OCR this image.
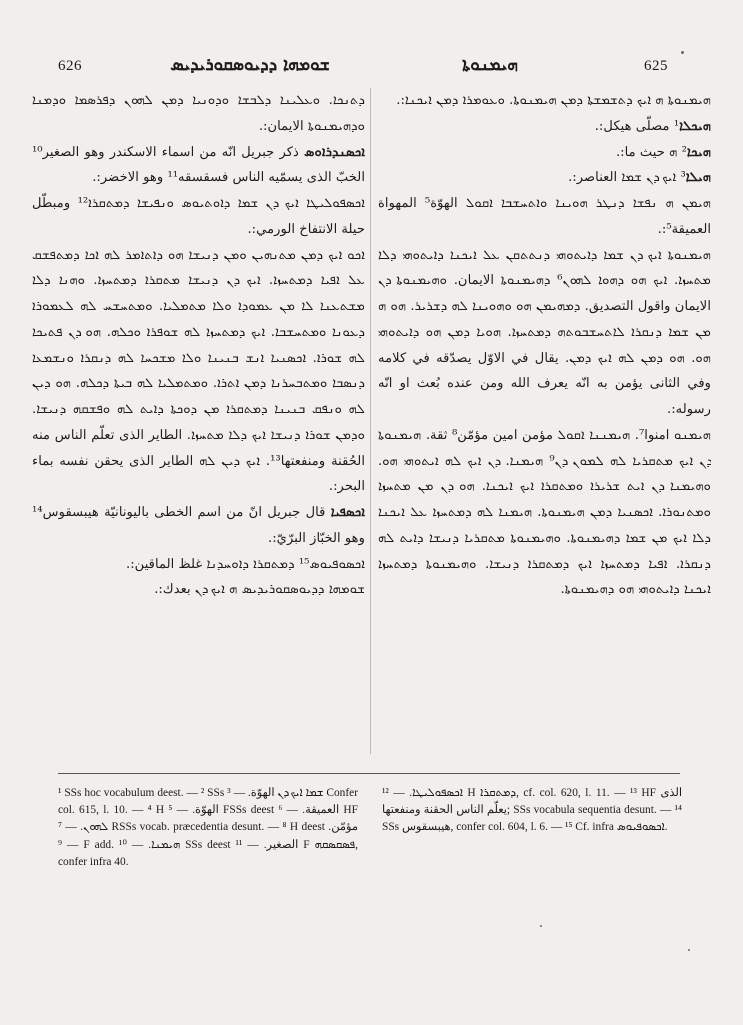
626	ܫܘܡܗܐ ܕܕܝܘܣܩܘܪܝܕܝܣ	625
ܗܝܡܢܘܬܐ

ܕܬܢܟܐ. ܘܥܠܝܢܐ ܕܠܒܫܐ ܘܕܘܢܝܐ ܕܡܢ ܠܗܘܢ ܕܦܪܣܡܐ ܘܕܡܢܐ ܘܕܗܝܡܢܘܬܐ الايمان:.

ܐܟܣܢܕܪܐܘܣ ذكر جبريل انّه من اسماء الاسكندر وهو الصغير¹⁰ الخبّ الذى يسمّيه الناس فسقسقه¹¹ وهو الاخضر:.

ܐܟܣܦܘܠܝܛܐ ܐܝܟ ܕܢ ܫܡܐ ܕܐܘܬܝܘܣ ܘܢܦܝܫܐ ܕܡܬܩܪܐ¹² ومبطّل حيلة الانتفاخ الورمي:.

ܐܟܘ ܐܝܟ ܕܡܢ ܡܬܢܗܝܢ ܘܡܢ ܕܢܝܫܐ ܗܘ ܕܐܬܐܡܪ ܠܗ ܐܟܐ ܕܡܬܦܫܩ ܥܠ ܐܦܝܐ ܕܡܬܚܙܐ. ܐܝܟ ܕܢ ܕܢܝܫܐ ܡܬܩܪܐ ܕܡܬܚܙܐ. ܘܗܢܐ ܕܠܐ ܡܫܬܥܢܐ ܠܐ ܡܢ ܥܡܘܕܐ ܘܠܐ ܡܬܡܠܝܐ. ܘܡܬܚܫܚ ܠܗ ܠܥܡܘܪܐ ܕܥܘܢܐ ܘܡܬܚܫܒܐ. ܐܝܟ ܕܡܬܚܙܐ ܠܗ ܫܘܦܪܐ ܘܟܠܗ. ܗܘ ܕܢ ܦܬܝܟܐ ܠܗ ܫܘܪܐ. ܐܟܣܢܝܐ ܐܢܫ ܒܢܝܢܐ ܘܠܐ ܡܫܟܚܐ ܠܗ ܕܢܩܪܐ ܘܢܫܡܥܐ ܕܢܣܒܐ ܘܡܬܒܚܪܢܐ ܕܡܢ ܐܬܪܐ. ܘܡܬܡܠܝܐ ܠܗ ܒܝܬܐ ܕܟܠܗ. ܗܘ ܕܝܢ ܠܗ ܘܢܦܩ ܒܢܝܢܐ ܕܡܬܩܪܐ ܡܢ ܕܘܟܬܐ ܕܐܝܬ ܠܗ ܘܦܫܩܗ ܕܢܝܫܐ. ܘܕܡܢ ܫܘܪܐ ܕܢܝܫܐ ܐܝܟ ܕܠܐ ܡܬܚܙܐ. الطاير الذى تعلّم الناس منه الحُقنة ومنفعتها¹³. ܐܝܟ ܕܝܢ ܠܗ الطاير الذى يحقن نفسه بماء البحر:.

ܐܟܣܦܝܐ قال جبريل انّ من اسم الخطى باليونانيّة هيبسقوس¹⁴ وهو الخبّاز البرّيّ:.

ܐܟܣܘܦܝܘܣ¹⁵ ܕܡܬܩܪܐ ܕܐܘܚܕܢܐ غلظ الماقين:.

ܫܘܡܗܐ ܕܕܝܘܣܩܘܪܝܕܝܣ ܗ ܐܝܟ ܕܢ بعدك:.

ܗܝܡܢܘܬܐ ܗ ܐܝܟ ܕܬܫܡܫܬܐ ܕܡܢ ܗܝܡܢܘܬܐ. ܘܥܘܡܪܐ ܕܡܢ ܐܝܟܢܐ:.

ܗܝܟܠܐ¹ مصلّى هيكل:.

ܗܝܟܐ² ܗ حيث ما:.

ܗܝܠܐ³ ܐܝܟ ܕܢ ܫܡܐ العناصر:.

ܗܝܡܢ ܗ ܢܦܫܐ ܕܢܛܪ ܗܘܝܢܐ ܘܐܬܚܫܒܐ ܐܩܘܠ الهوّة⁵ المهواة العميقة⁵:.

ܗܝܡܢܘܬܐ ܐܝܟ ܕܢ ܫܡܐ ܕܐܝܬܘܗܝ ܕܢܬܬܩܢ ܥܠ ܐܝܟܢܐ ܕܐܝܬܘܗܝ ܕܠܐ ܡܬܚܙܐ. ܐܝܟ ܗܘ ܕܗܘܐ ܠܗܘܢ⁶ ܕܗܝܡܢܘܬܐ الايمان. ܘܗܝܡܢܘܬܐ ܕܢ الايمان واقول التصديق. ܕܡܗܝܡܢ ܗܘ ܘܗܘܝܢܐ ܠܗ ܕܫܪܝܪ. ܗܘ ܗ ܡܢ ܫܡܐ ܕܢܩܪܐ ܠܐܬܚܫܒܘܬܗ ܕܡܬܚܙܐ. ܗܘܝܐ ܕܡܢ ܗܘ ܕܐܝܬܘܗܝ ܗܘ. ܗܘ ܕܡܢ ܠܗ ܐܝܟ ܕܡܢ. يقال في الاوّل يصدّقه في كلامه وفي الثانى يؤمن به انّه يعرف الله ومن عنده بُعث او انّه رسوله:.

ܗܝܡܢܘ امنوا⁷. ܗܝܡܢܢܐ ܐܩܘܠ مؤمن امين مؤمّن⁸ ثقة. ܗܝܡܢܘܬܐ ܕܢ ܐܝܟ ܡܬܩܪܝܐ ܠܗ ܠܡܘܢ ܕܢ⁹ ܗܝܡܢܐ. ܕܢ ܐܝܟ ܠܗ ܐܝܬܘܗܝ ܗܘ. ܘܗܝܡܢܐ ܕܢ ܐܝܬ ܫܪܝܪܐ ܘܡܬܩܪܐ ܐܝܟ ܐܝܟܢܐ. ܗܘ ܕܢ ܡܢ ܡܬܚܙܐ ܘܡܬܢܘܪܐ. ܐܟܣܢܝܐ ܕܡܢ ܗܝܡܢܘܬܐ. ܗܝܡܢܐ ܠܗ ܕܡܬܚܙܐ ܥܠ ܐܝܟܢܐ ܕܠܐ ܐܝܟ ܡܢ ܫܡܐ ܕܗܝܡܢܘܬܐ. ܘܗܝܡܢܘܬܐ ܡܬܩܪܝܐ ܕܢܝܫܐ ܕܐܝܬ ܠܗ ܕܢܩܪܐ. ܐܦܝܐ ܕܡܬܚܙܐ ܐܝܟ ܕܡܬܩܪܐ ܕܢܝܫܐ. ܘܗܝܡܢܘܬܐ ܕܡܬܚܙܐ ܐܝܟܢܐ ܕܐܝܬܘܗܝ ܗܘ ܕܗܝܡܢܘܬܐ.

¹ SSs hoc vocabulum deest. — ² SSs ܫܡܐ ܐܝܟ ܕܢ الهوّة. — ³ Confer col. 615, l. 10. — ⁴ H الهوّة. — ⁵ FSSs deest العميقة. — ⁶ HF ܠܗܘܢ. — ⁷ RSSs vocab. præcedentia desunt. — ⁸ H deest مؤمّن. — ⁹ F add. ܗܝܡܢܐ. — ¹⁰ SSs deest الصغير. — ¹¹ F ܦܣܩܣܩܗ, confer infra 40.

ܐܟܣܦܘܠܝܛܐ. — ¹² H ܕܡܬܩܪܐ, cf. col. 620, l. 11. — ¹³ HF الذى يعلّم الناس الحقنة ومنفعتها; SSs vocabula sequentia desunt. — ¹⁴ SSs هيبسقوس, confer col. 604, l. 6. — ¹⁵ Cf. infra ܐܟܣܘܦܝܘܣ.
